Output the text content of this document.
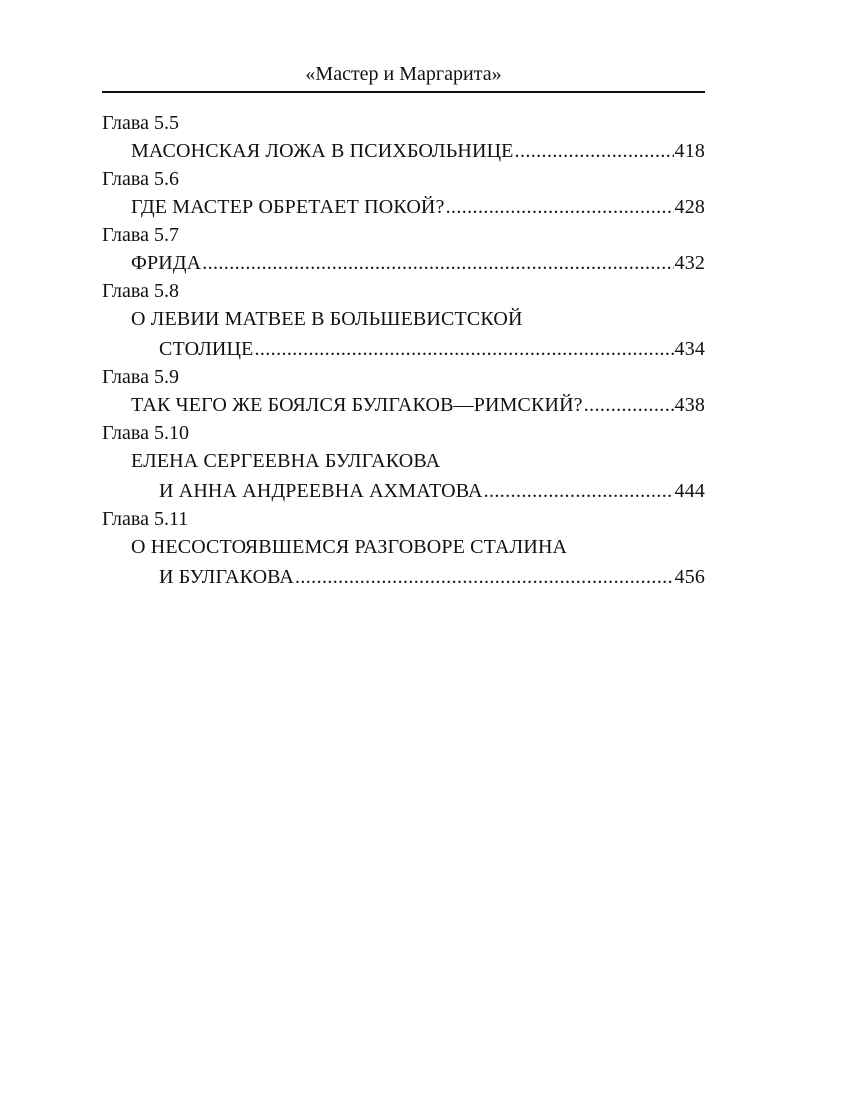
«Мастер и Маргарита»
Глава 5.5
МАСОНСКАЯ ЛОЖА В ПСИХБОЛЬНИЦЕ .....	418
Глава 5.6
ГДЕ МАСТЕР ОБРЕТАЕТ ПОКОЙ? .....	428
Глава 5.7
ФРИДА .....	432
Глава 5.8
О ЛЕВИИ МАТВЕЕ В БОЛЬШЕВИСТСКОЙ
СТОЛИЦЕ .....	434
Глава 5.9
ТАК ЧЕГО ЖЕ БОЯЛСЯ БУЛГАКОВ—РИМСКИЙ? .....	438
Глава 5.10
ЕЛЕНА СЕРГЕЕВНА БУЛГАКОВА
И АННА АНДРЕЕВНА АХМАТОВА .....	444
Глава 5.11
О НЕСОСТОЯВШЕМСЯ РАЗГОВОРЕ СТАЛИНА
И БУЛГАКОВА .....	456
